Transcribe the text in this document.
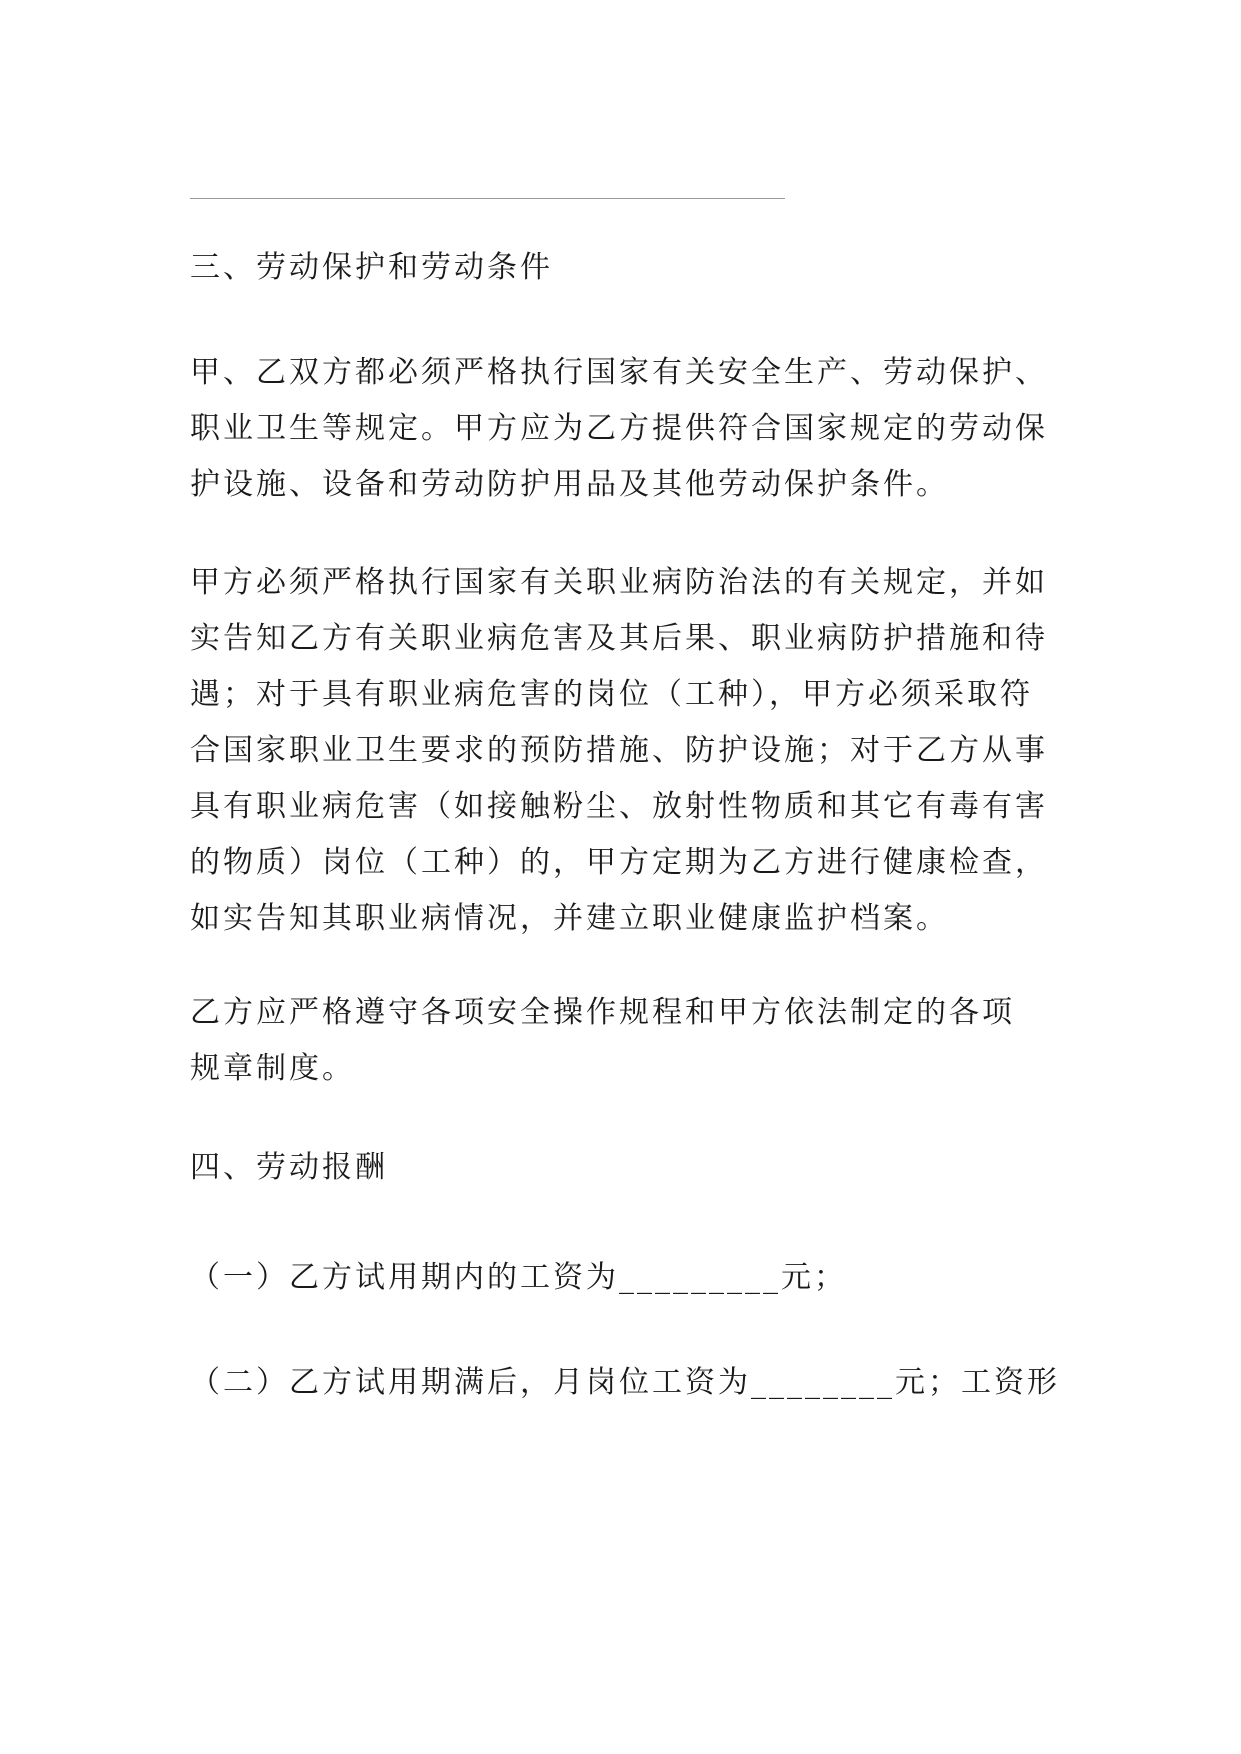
三、劳动保护和劳动条件

甲、乙双方都必须严格执行国家有关安全生产、劳动保护、
职业卫生等规定。甲方应为乙方提供符合国家规定的劳动保
护设施、设备和劳动防护用品及其他劳动保护条件。

甲方必须严格执行国家有关职业病防治法的有关规定，并如
实告知乙方有关职业病危害及其后果、职业病防护措施和待
遇；对于具有职业病危害的岗位（工种），甲方必须采取符
合国家职业卫生要求的预防措施、防护设施；对于乙方从事
具有职业病危害（如接触粉尘、放射性物质和其它有毒有害
的物质）岗位（工种）的，甲方定期为乙方进行健康检查，
如实告知其职业病情况，并建立职业健康监护档案。

乙方应严格遵守各项安全操作规程和甲方依法制定的各项
规章制度。

四、劳动报酬

（一）乙方试用期内的工资为_________元；

（二）乙方试用期满后，月岗位工资为________元；工资形
